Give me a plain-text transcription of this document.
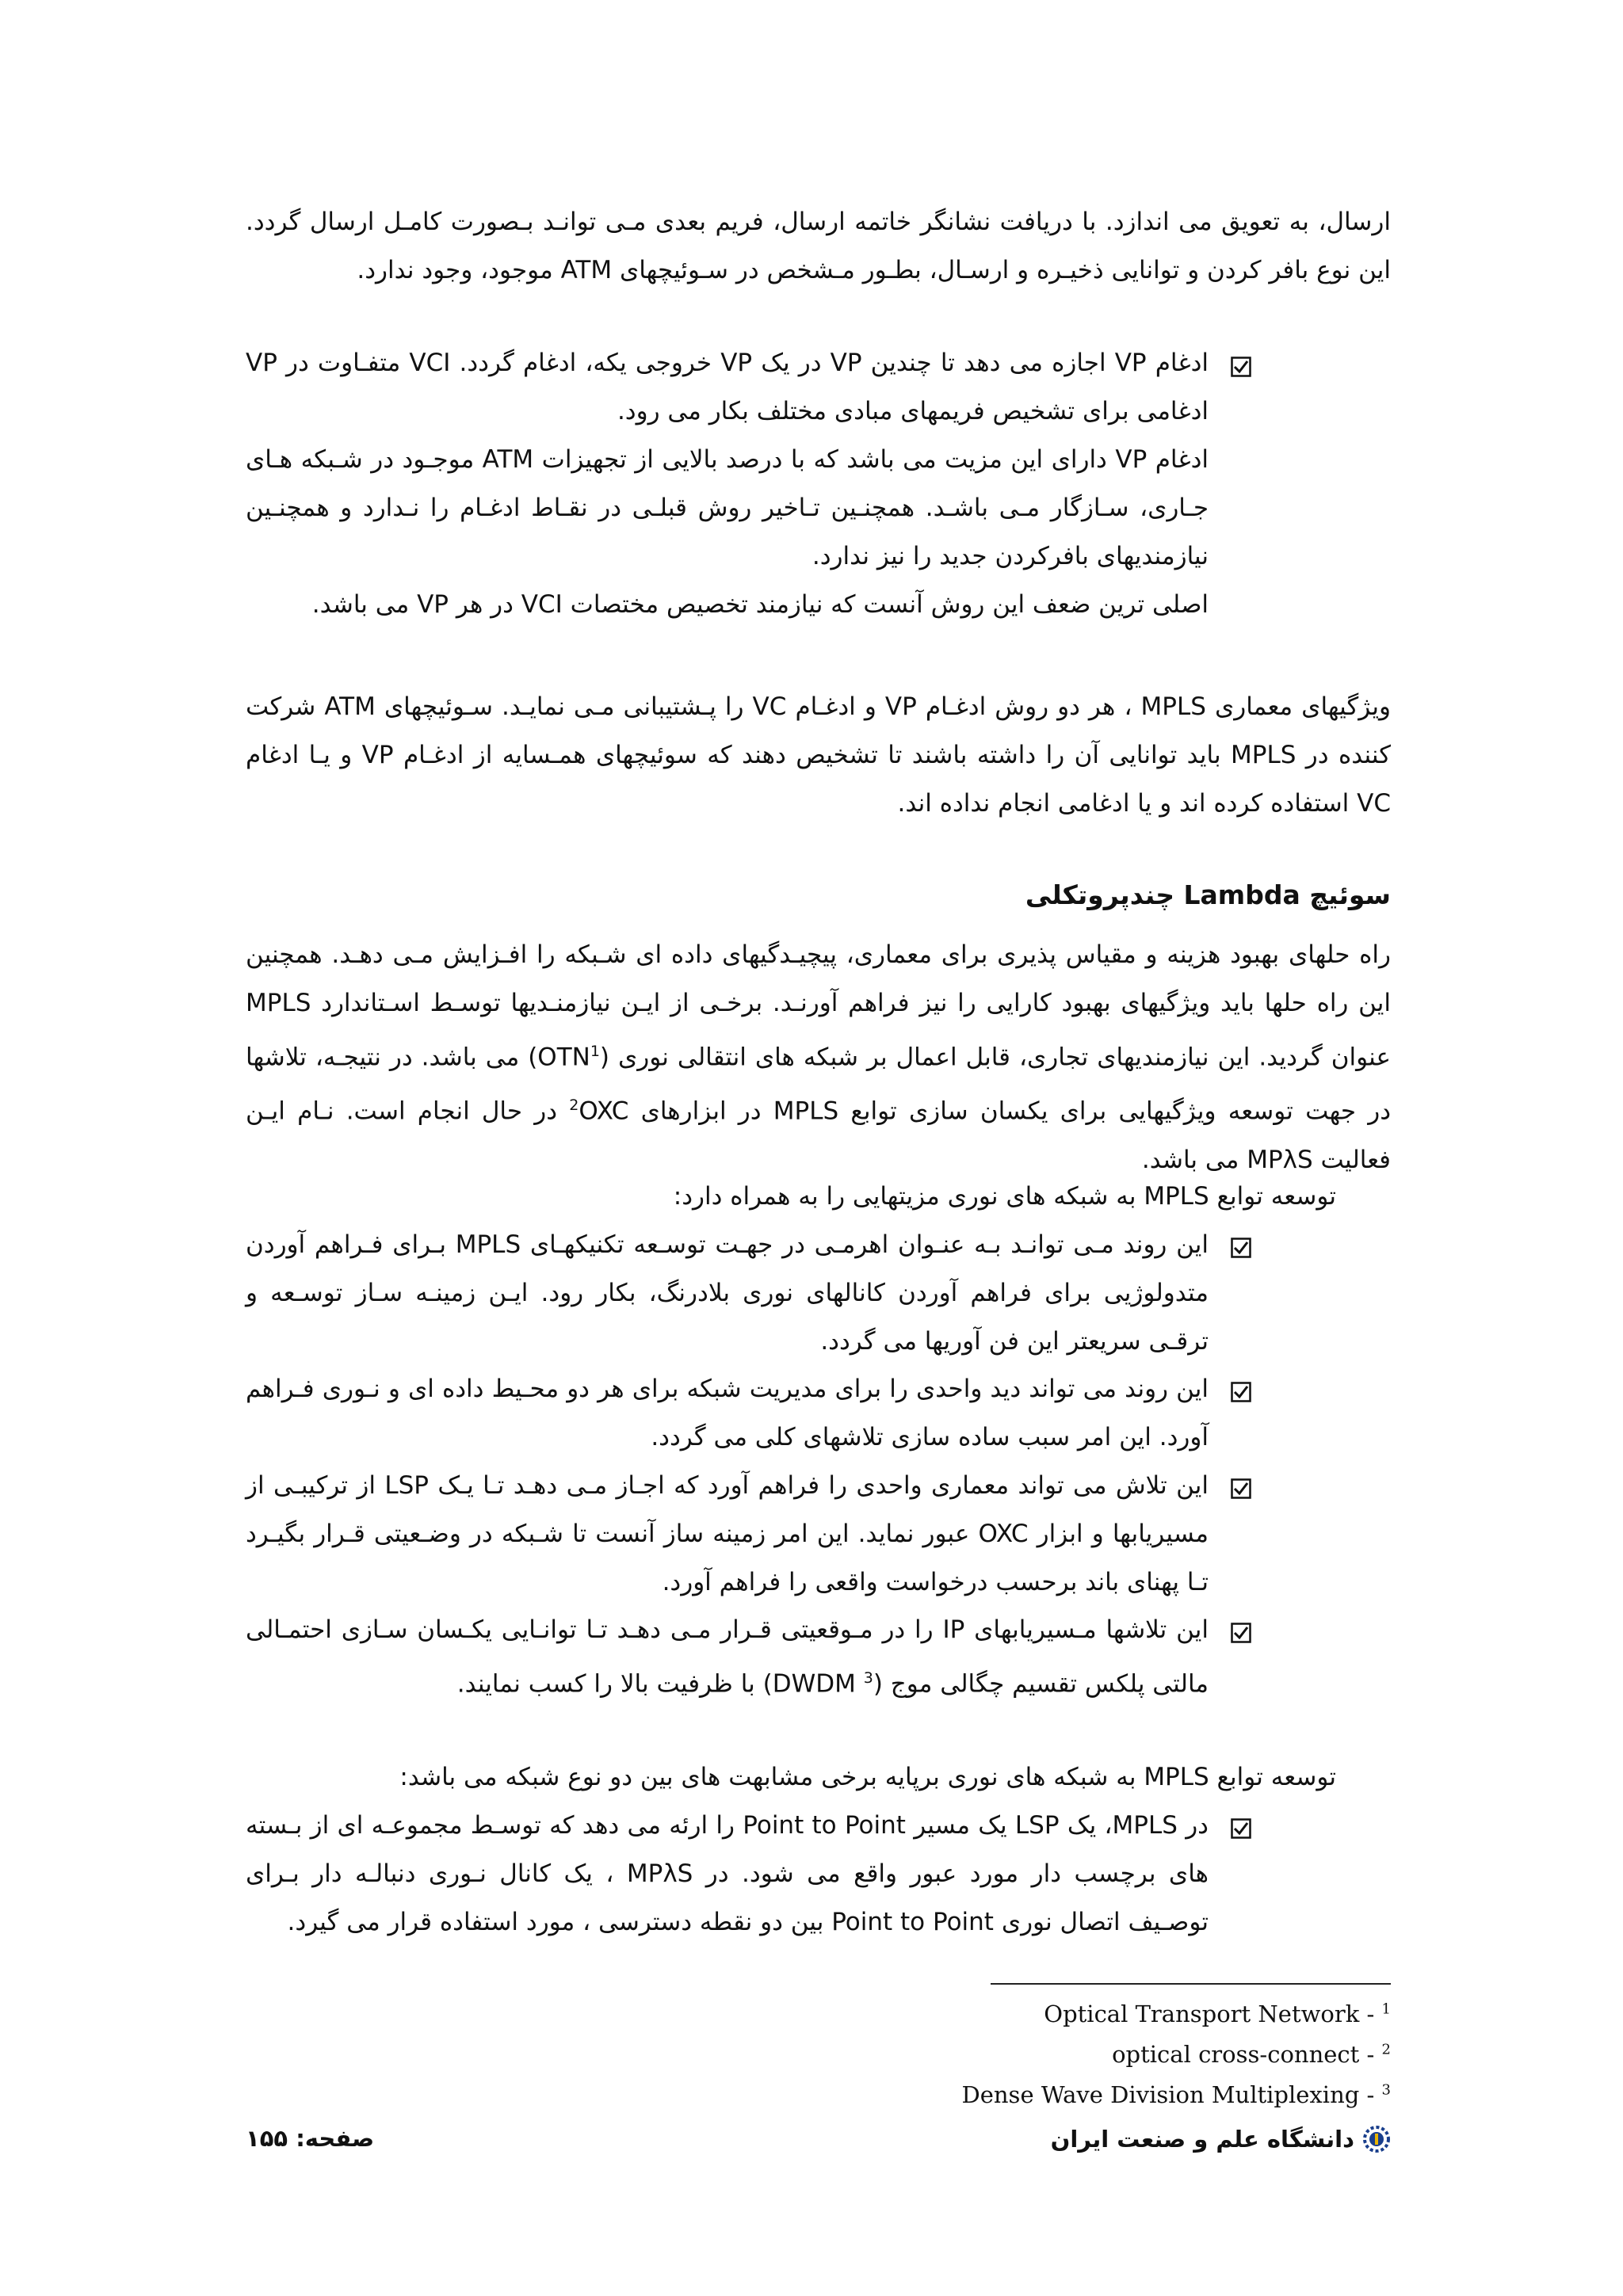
ارسال، به تعویق می اندازد. با دریافت نشانگر خاتمه ارسال، فریم بعدی مـی توانـد بـصورت کامـل ارسال گردد. این نوع بافر کردن و توانایی ذخیـره و ارسـال، بطـور مـشخص در سـوئیچهای ATM موجود، وجود ندارد.

ادغام VP اجازه می دهد تا چندین VP در یک VP خروجی یکه، ادغام گردد. VCI متفـاوت در VP ادغامی برای تشخیص فریمهای مبادی مختلف بکار می رود.

ادغام VP دارای این مزیت می باشد که با درصد بالایی از تجهیزات ATM موجـود در شـبکه هـای جـاری، سـازگار مـی باشـد. همچنـین تـاخیر روش قبلـی در نقـاط ادغـام را نـدارد و همچنـین نیازمندیهای بافرکردن جدید را نیز ندارد.

اصلی ترین ضعف این روش آنست که نیازمند تخصیص مختصات VCI در هر VP می باشد.

ویژگیهای معماری MPLS ، هر دو روش ادغـام VP و ادغـام VC را پـشتیبانی مـی نمایـد. سـوئیچهای ATM شرکت کننده در MPLS باید توانایی آن را داشته باشند تا تشخیص دهند که سوئیچهای همـسایه از ادغـام VP و یـا ادغام VC استفاده کرده اند و یا ادغامی انجام نداده اند.

سوئیچ Lambda چندپروتکلی

راه حلهای بهبود هزینه و مقیاس پذیری برای معماری، پیچیـدگیهای داده ای شـبکه را افـزایش مـی دهـد. همچنین این راه حلها باید ویژگیهای بهبود کارایی را نیز فراهم آورنـد. برخـی از ایـن نیازمنـدیها توسـط اسـتاندارد MPLS عنوان گردید. این نیازمندیهای تجاری، قابل اعمال بر شبکه های انتقالی نوری (OTN$^1$) می باشد. در نتیجـه، تلاشها در جهت توسعه ویژگیهایی برای یکسان سازی توابع MPLS در ابزارهای $^2$OXC در حال انجام است. نـام ایـن فعالیت MPλS می باشد.

توسعه توابع MPLS به شبکه های نوری مزیتهایی را به همراه دارد:

این روند مـی توانـد بـه عنـوان اهرمـی در جهـت توسـعه تکنیکهـای MPLS بـرای فـراهم آوردن متدولوژیی برای فراهم آوردن کانالهای نوری بلادرنگ، بکار رود. ایـن زمینـه سـاز توسـعه و ترقـی سریعتر این فن آوریها می گردد.

این روند می تواند دید واحدی را برای مدیریت شبکه برای هر دو محـیط داده ای و نـوری فـراهم آورد. این امر سبب ساده سازی تلاشهای کلی می گردد.

این تلاش می تواند معماری واحدی را فراهم آورد که اجـاز مـی دهـد تـا یـک LSP از ترکیبـی از مسیریابها و ابزار OXC عبور نماید. این امر زمینه ساز آنست تا شـبکه در وضـعیتی قـرار بگیـرد تـا پهنای باند برحسب درخواست واقعی را فراهم آورد.

این تلاشها مـسیریابهای IP را در مـوقعیتی قـرار مـی دهـد تـا توانـایی یکـسان سـازی احتمـالی مالتی پلکس تقسیم چگالی موج ($^3$ DWDM) با ظرفیت بالا را کسب نمایند.

توسعه توابع MPLS به شبکه های نوری برپایه برخی مشابهت های بین دو نوع شبکه می باشد:

در MPLS، یک LSP یک مسیر Point to Point را ارئه می دهد که توسـط مجموعـه ای از بـسته های برچسب دار مورد عبور واقع می شود. در MPλS ، یک کانال نـوری دنبالـه دار بـرای توصـیف اتصال نوری Point to Point بین دو نقطه دسترسی ، مورد استفاده قرار می گیرد.

Optical Transport Network - $^1$
optical cross-connect - $^2$
Dense Wave Division Multiplexing - $^3$
دانشگاه علم و صنعت ایران
صفحه: ۱۵۵
